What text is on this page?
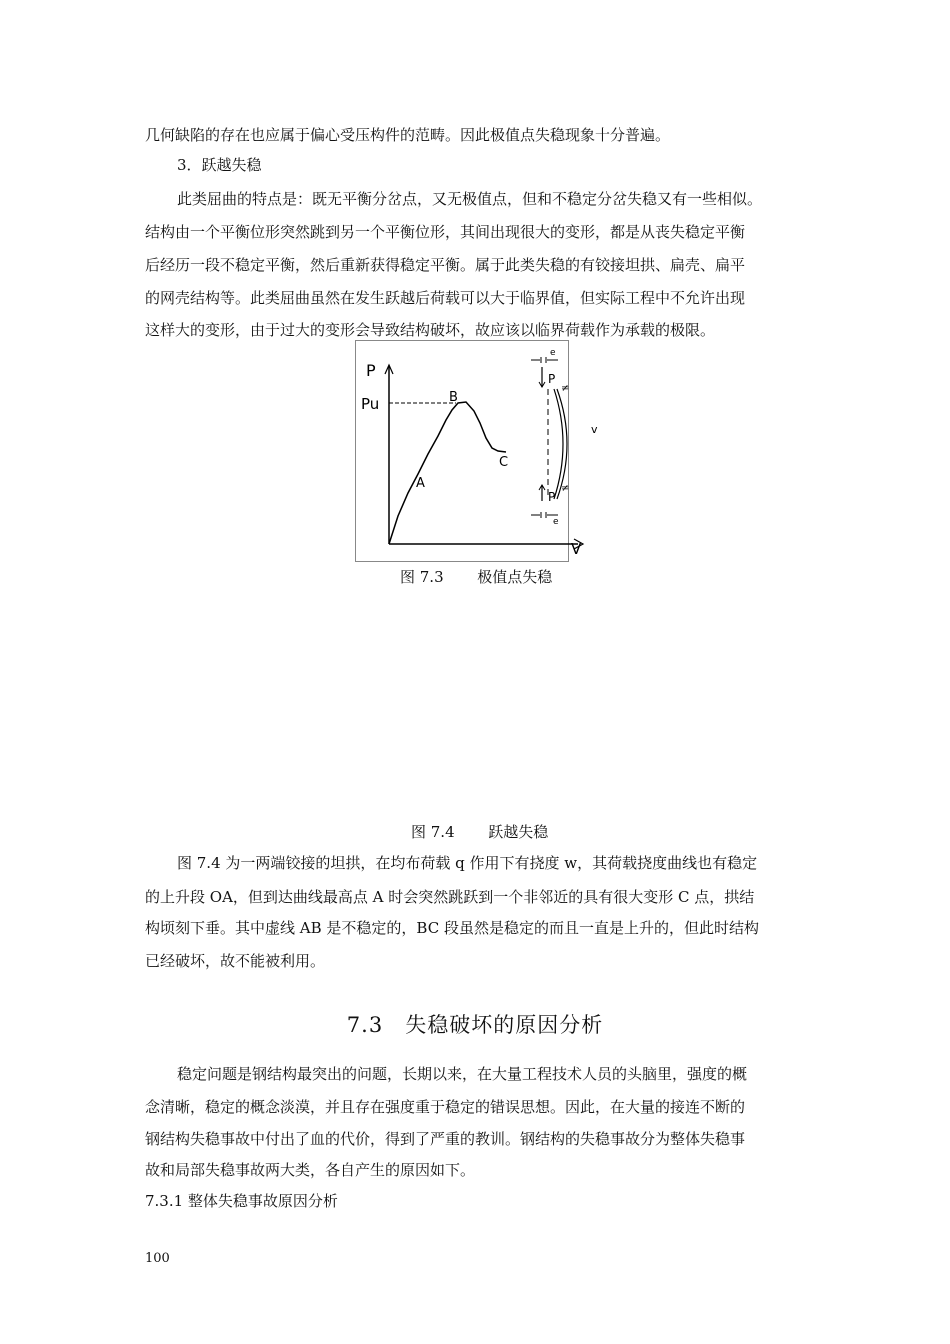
几何缺陷的存在也应属于偏心受压构件的范畴。因此极值点失稳现象十分普遍。
3．跃越失稳
此类屈曲的特点是：既无平衡分岔点，又无极值点，但和不稳定分岔失稳又有一些相似。
结构由一个平衡位形突然跳到另一个平衡位形，其间出现很大的变形，都是从丧失稳定平衡
后经历一段不稳定平衡，然后重新获得稳定平衡。属于此类失稳的有铰接坦拱、扁壳、扁平
的网壳结构等。此类屈曲虽然在发生跃越后荷载可以大于临界值，但实际工程中不允许出现
这样大的变形，由于过大的变形会导致结构破坏，故应该以临界荷载作为承载的极限。
P
V
Pu
A
B
C
e
P
≠
v
P
≠
e
图 7.3 极值点失稳
图 7.4 跃越失稳
图 7.4 为一两端铰接的坦拱，在均布荷载 q 作用下有挠度 w，其荷载挠度曲线也有稳定
的上升段 OA，但到达曲线最高点 A 时会突然跳跃到一个非邻近的具有很大变形 C 点，拱结
构顷刻下垂。其中虚线 AB 是不稳定的，BC 段虽然是稳定的而且一直是上升的，但此时结构
已经破坏，故不能被利用。
7.3　失稳破坏的原因分析
稳定问题是钢结构最突出的问题，长期以来，在大量工程技术人员的头脑里，强度的概
念清晰，稳定的概念淡漠，并且存在强度重于稳定的错误思想。因此，在大量的接连不断的
钢结构失稳事故中付出了血的代价，得到了严重的教训。钢结构的失稳事故分为整体失稳事
故和局部失稳事故两大类，各自产生的原因如下。
7.3.1 整体失稳事故原因分析
100
